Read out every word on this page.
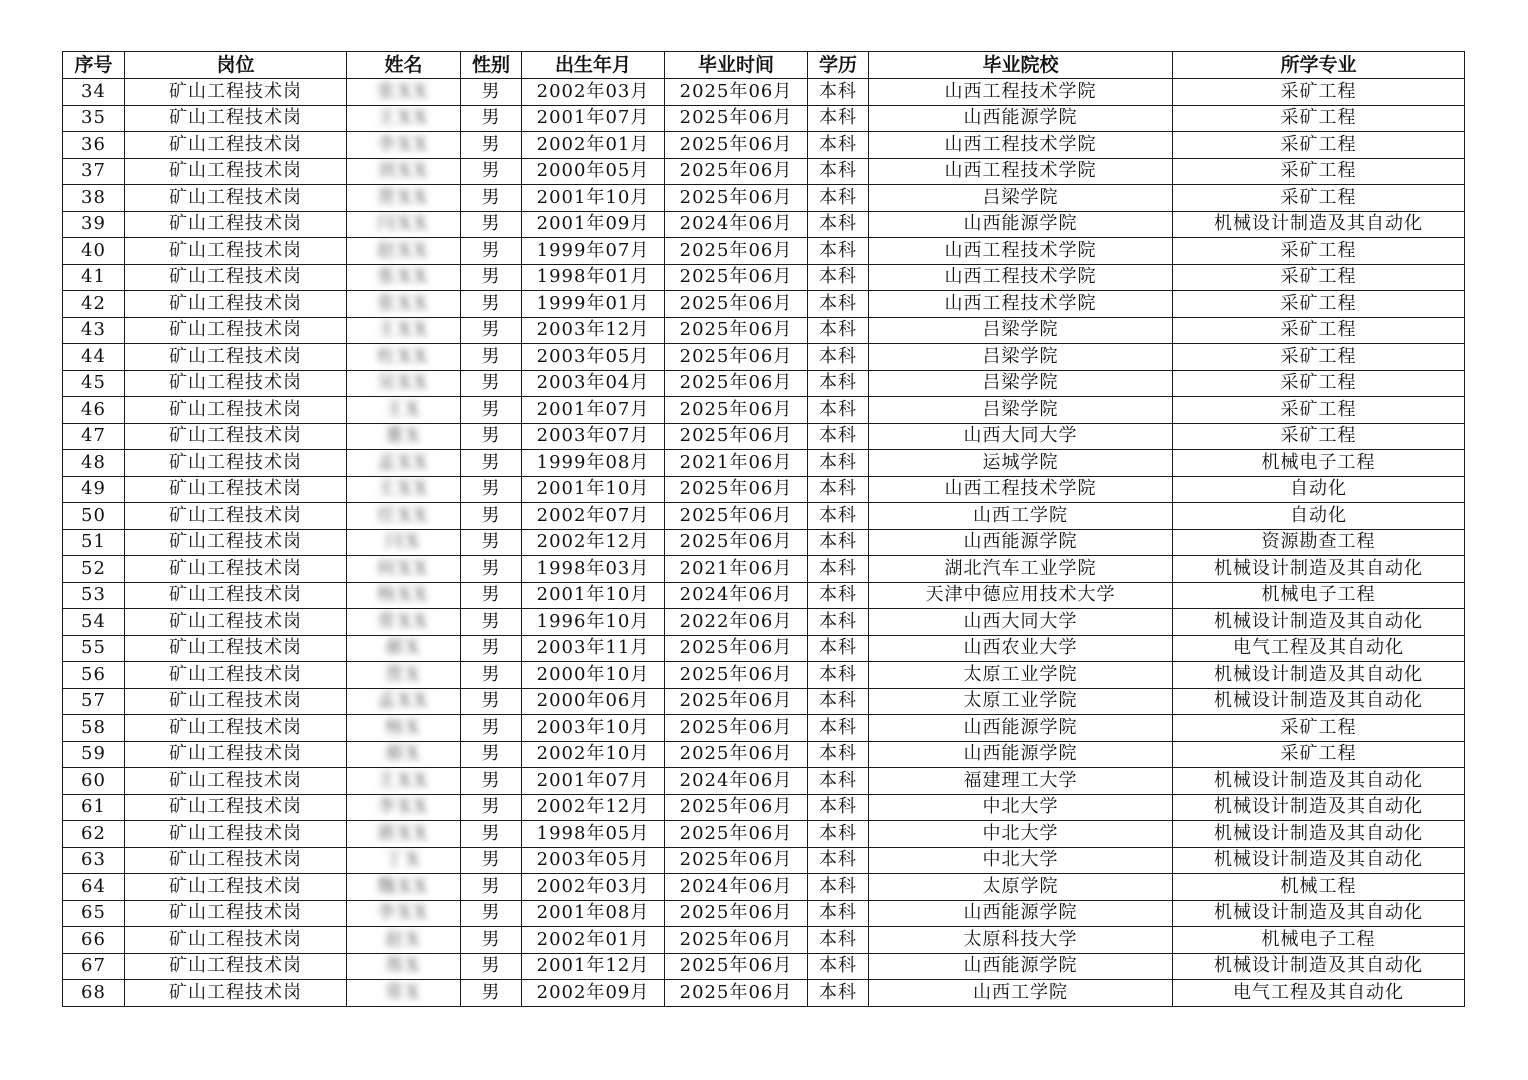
序号	岗位	姓名	性别	出生年月	毕业时间	学历	毕业院校	所学专业
34	矿山工程技术岗	张XX	男	2002年03月	2025年06月	本科	山西工程技术学院	采矿工程
35	矿山工程技术岗	王XX	男	2001年07月	2025年06月	本科	山西能源学院	采矿工程
36	矿山工程技术岗	李XX	男	2002年01月	2025年06月	本科	山西工程技术学院	采矿工程
37	矿山工程技术岗	刘XX	男	2000年05月	2025年06月	本科	山西工程技术学院	采矿工程
38	矿山工程技术岗	贾XX	男	2001年10月	2025年06月	本科	吕梁学院	采矿工程
39	矿山工程技术岗	闫XX	男	2001年09月	2024年06月	本科	山西能源学院	机械设计制造及其自动化
40	矿山工程技术岗	赵XX	男	1999年07月	2025年06月	本科	山西工程技术学院	采矿工程
41	矿山工程技术岗	张XX	男	1998年01月	2025年06月	本科	山西工程技术学院	采矿工程
42	矿山工程技术岗	张XX	男	1999年01月	2025年06月	本科	山西工程技术学院	采矿工程
43	矿山工程技术岗	王XX	男	2003年12月	2025年06月	本科	吕梁学院	采矿工程
44	矿山工程技术岗	杜XX	男	2003年05月	2025年06月	本科	吕梁学院	采矿工程
45	矿山工程技术岗	吴XX	男	2003年04月	2025年06月	本科	吕梁学院	采矿工程
46	矿山工程技术岗	王X	男	2001年07月	2025年06月	本科	吕梁学院	采矿工程
47	矿山工程技术岗	董X	男	2003年07月	2025年06月	本科	山西大同大学	采矿工程
48	矿山工程技术岗	孟XX	男	1999年08月	2021年06月	本科	运城学院	机械电子工程
49	矿山工程技术岗	王XX	男	2001年10月	2025年06月	本科	山西工程技术学院	自动化
50	矿山工程技术岗	任XX	男	2002年07月	2025年06月	本科	山西工学院	自动化
51	矿山工程技术岗	闫X	男	2002年12月	2025年06月	本科	山西能源学院	资源勘查工程
52	矿山工程技术岗	何XX	男	1998年03月	2021年06月	本科	湖北汽车工业学院	机械设计制造及其自动化
53	矿山工程技术岗	杨XX	男	2001年10月	2024年06月	本科	天津中德应用技术大学	机械电子工程
54	矿山工程技术岗	常XX	男	1996年10月	2022年06月	本科	山西大同大学	机械设计制造及其自动化
55	矿山工程技术岗	郝X	男	2003年11月	2025年06月	本科	山西农业大学	电气工程及其自动化
56	矿山工程技术岗	贾X	男	2000年10月	2025年06月	本科	太原工业学院	机械设计制造及其自动化
57	矿山工程技术岗	孟XX	男	2000年06月	2025年06月	本科	太原工业学院	机械设计制造及其自动化
58	矿山工程技术岗	杨X	男	2003年10月	2025年06月	本科	山西能源学院	采矿工程
59	矿山工程技术岗	郝X	男	2002年10月	2025年06月	本科	山西能源学院	采矿工程
60	矿山工程技术岗	王XX	男	2001年07月	2024年06月	本科	福建理工大学	机械设计制造及其自动化
61	矿山工程技术岗	李XX	男	2002年12月	2025年06月	本科	中北大学	机械设计制造及其自动化
62	矿山工程技术岗	郭XX	男	1998年05月	2025年06月	本科	中北大学	机械设计制造及其自动化
63	矿山工程技术岗	丁X	男	2003年05月	2025年06月	本科	中北大学	机械设计制造及其自动化
64	矿山工程技术岗	魏XX	男	2002年03月	2024年06月	本科	太原学院	机械工程
65	矿山工程技术岗	李XX	男	2001年08月	2025年06月	本科	山西能源学院	机械设计制造及其自动化
66	矿山工程技术岗	赵X	男	2002年01月	2025年06月	本科	太原科技大学	机械电子工程
67	矿山工程技术岗	郑X	男	2001年12月	2025年06月	本科	山西能源学院	机械设计制造及其自动化
68	矿山工程技术岗	常X	男	2002年09月	2025年06月	本科	山西工学院	电气工程及其自动化
